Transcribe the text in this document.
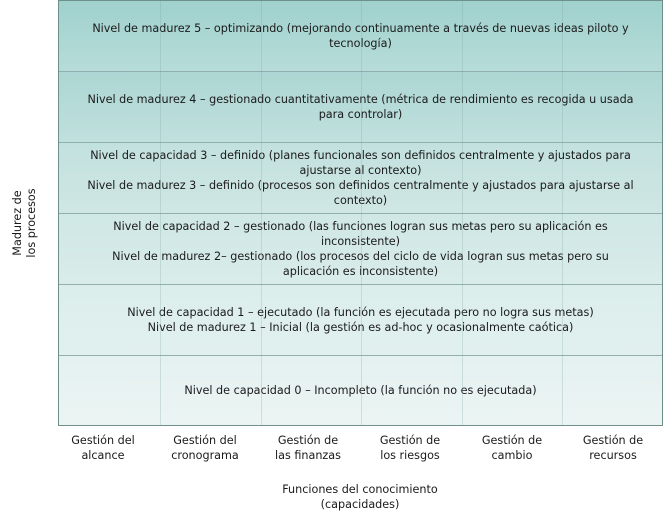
Nivel de madurez 5 – optimizando (mejorando continuamente a través de nuevas ideas piloto y tecnología)

Nivel de madurez 4 – gestionado cuantitativamente (métrica de rendimiento es recogida u usada para controlar)

Nivel de capacidad 3 – definido (planes funcionales son definidos centralmente y ajustados para ajustarse al contexto)

Nivel de madurez 3 – definido (procesos son definidos centralmente y ajustados para ajustarse al contexto)

Nivel de capacidad 2 – gestionado (las funciones logran sus metas pero su aplicación es inconsistente)

Nivel de madurez 2– gestionado (los procesos del ciclo de vida logran sus metas pero su aplicación es inconsistente)

Nivel de capacidad 1 – ejecutado (la función es ejecutada pero no logra sus metas)

Nivel de madurez 1 – Inicial (la gestión es ad-hoc y ocasionalmente caótica)

Nivel de capacidad 0 – Incompleto (la función no es ejecutada)

Madurez de los procesos
Gestión del
alcance
Gestión del
cronograma
Gestión de
las finanzas
Gestión de
los riesgos
Gestión de
cambio
Gestión de
recursos
Funciones del conocimiento
(capacidades)
